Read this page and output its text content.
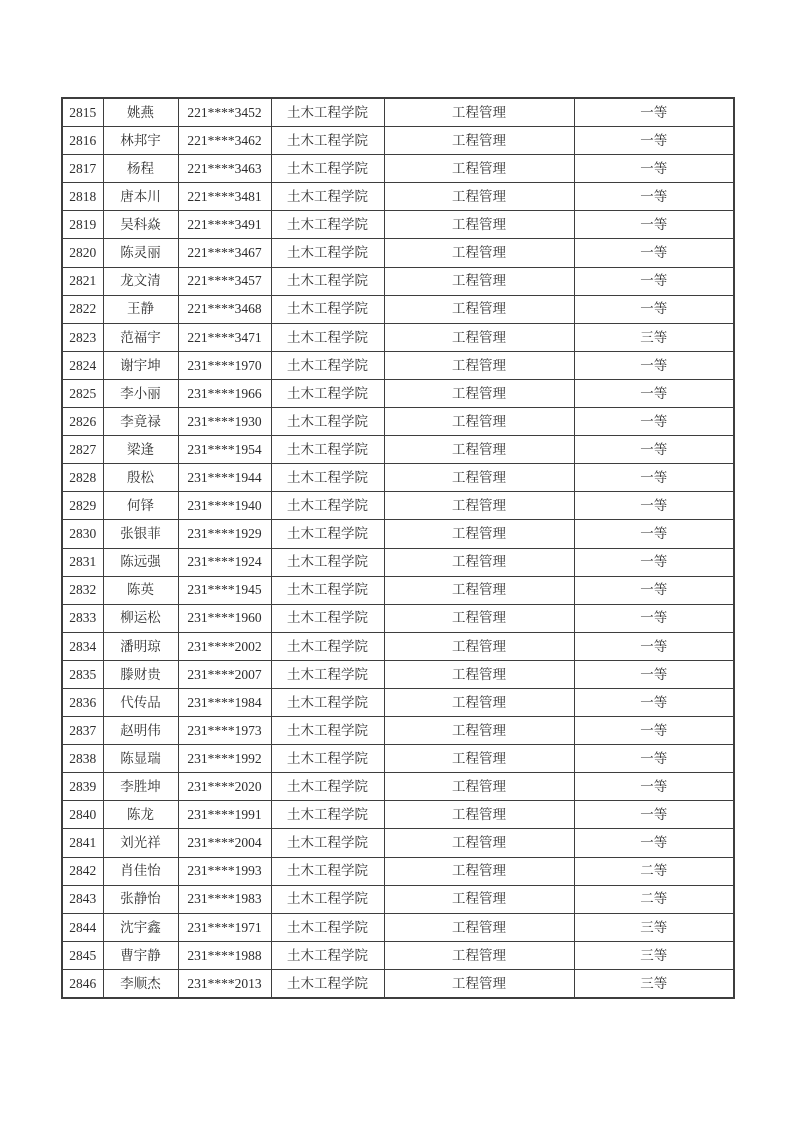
2815	姚燕	221****3452	土木工程学院	工程管理	一等
2816	林邦宇	221****3462	土木工程学院	工程管理	一等
2817	杨程	221****3463	土木工程学院	工程管理	一等
2818	唐本川	221****3481	土木工程学院	工程管理	一等
2819	吴科焱	221****3491	土木工程学院	工程管理	一等
2820	陈灵丽	221****3467	土木工程学院	工程管理	一等
2821	龙文清	221****3457	土木工程学院	工程管理	一等
2822	王静	221****3468	土木工程学院	工程管理	一等
2823	范福宇	221****3471	土木工程学院	工程管理	三等
2824	谢宇坤	231****1970	土木工程学院	工程管理	一等
2825	李小丽	231****1966	土木工程学院	工程管理	一等
2826	李竟禄	231****1930	土木工程学院	工程管理	一等
2827	梁逢	231****1954	土木工程学院	工程管理	一等
2828	殷松	231****1944	土木工程学院	工程管理	一等
2829	何铎	231****1940	土木工程学院	工程管理	一等
2830	张银菲	231****1929	土木工程学院	工程管理	一等
2831	陈远强	231****1924	土木工程学院	工程管理	一等
2832	陈英	231****1945	土木工程学院	工程管理	一等
2833	柳运松	231****1960	土木工程学院	工程管理	一等
2834	潘明琼	231****2002	土木工程学院	工程管理	一等
2835	滕财贵	231****2007	土木工程学院	工程管理	一等
2836	代传品	231****1984	土木工程学院	工程管理	一等
2837	赵明伟	231****1973	土木工程学院	工程管理	一等
2838	陈显瑞	231****1992	土木工程学院	工程管理	一等
2839	李胜坤	231****2020	土木工程学院	工程管理	一等
2840	陈龙	231****1991	土木工程学院	工程管理	一等
2841	刘光祥	231****2004	土木工程学院	工程管理	一等
2842	肖佳怡	231****1993	土木工程学院	工程管理	二等
2843	张静怡	231****1983	土木工程学院	工程管理	二等
2844	沈宇鑫	231****1971	土木工程学院	工程管理	三等
2845	曹宇静	231****1988	土木工程学院	工程管理	三等
2846	李顺杰	231****2013	土木工程学院	工程管理	三等
